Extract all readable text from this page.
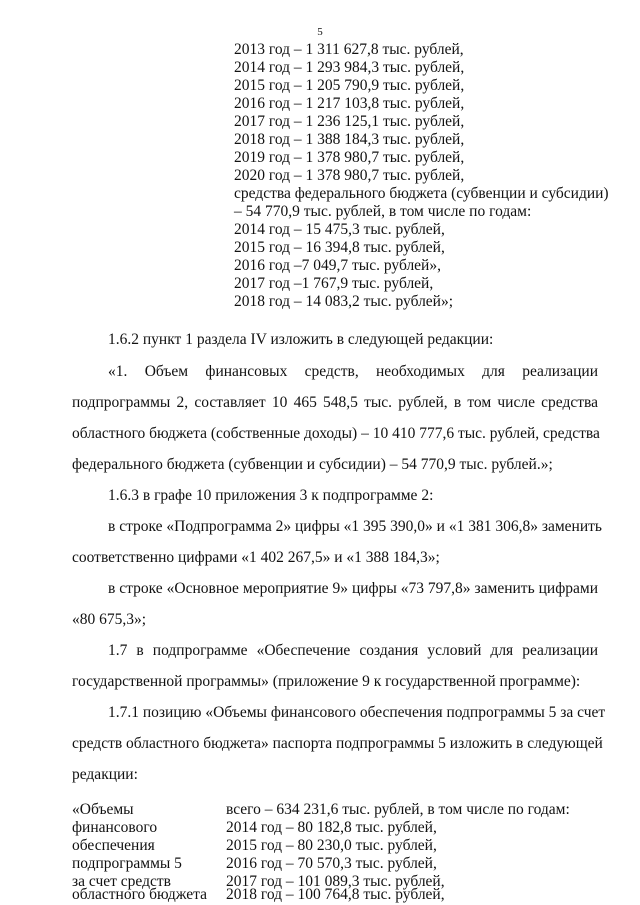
5
2013 год – 1 311 627,8 тыс. рублей,
2014 год – 1 293 984,3 тыс. рублей,
2015 год – 1 205 790,9 тыс. рублей,
2016 год – 1 217 103,8 тыс. рублей,
2017 год – 1 236 125,1 тыс. рублей,
2018 год – 1 388 184,3 тыс. рублей,
2019 год – 1 378 980,7 тыс. рублей,
2020 год – 1 378 980,7 тыс. рублей,
средства федерального бюджета (субвенции и субсидии)
– 54 770,9 тыс. рублей, в том числе по годам:
2014 год – 15 475,3 тыс. рублей,
2015 год – 16 394,8 тыс. рублей,
2016 год –7 049,7 тыс. рублей»,
2017 год –1 767,9 тыс. рублей,
2018 год – 14 083,2 тыс. рублей»;
1.6.2 пункт 1 раздела IV изложить в следующей редакции:
«1. Объем финансовых средств, необходимых для реализации
подпрограммы 2, составляет 10 465 548,5 тыс. рублей, в том числе средства
областного бюджета (собственные доходы) – 10 410 777,6 тыс. рублей, средства
федерального бюджета (субвенции и субсидии) – 54 770,9 тыс. рублей.»;
1.6.3 в графе 10 приложения 3 к подпрограмме 2:
в строке «Подпрограмма 2» цифры «1 395 390,0» и «1 381 306,8» заменить
соответственно цифрами «1 402 267,5» и «1 388 184,3»;
в строке «Основное мероприятие 9» цифры «73 797,8» заменить цифрами
«80 675,3»;
1.7 в подпрограмме «Обеспечение создания условий для реализации
государственной программы» (приложение 9 к государственной программе):
1.7.1 позицию «Объемы финансового обеспечения подпрограммы 5 за счет
средств областного бюджета» паспорта подпрограммы 5 изложить в следующей
редакции:
«Объемы
финансового
обеспечения
подпрограммы 5
за счет средств
всего – 634 231,6 тыс. рублей, в том числе по годам:
2014 год – 80 182,8 тыс. рублей,
2015 год – 80 230,0 тыс. рублей,
2016 год – 70 570,3 тыс. рублей,
2017 год – 101 089,3 тыс. рублей,
областного бюджета 2018 год – 100 764,8 тыс. рублей,
